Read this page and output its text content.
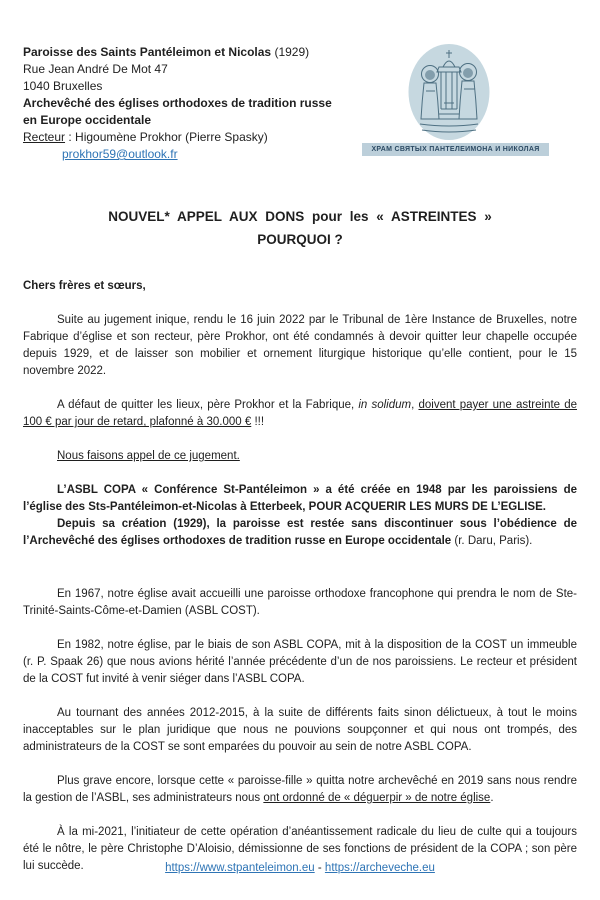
Paroisse des Saints Pantéleimon et Nicolas (1929)
Rue Jean André De Mot 47
1040 Bruxelles
Archevêché des églises orthodoxes de tradition russe
en Europe occidentale
Recteur : Higoumène Prokhor (Pierre Spasky)
prokhor59@outlook.fr	ХРАМ СВЯТЫХ ПАНТЕЛЕИМОНА И НИКОЛАЯ
NOUVEL* APPEL AUX DONS pour les « ASTREINTES »
POURQUOI ?

Chers frères et sœurs,

Suite au jugement inique, rendu le 16 juin 2022 par le Tribunal de 1ère Instance de Bruxelles, notre Fabrique d’église et son recteur, père Prokhor, ont été condamnés à devoir quitter leur chapelle occupée depuis 1929, et de laisser son mobilier et ornement liturgique historique qu’elle contient, pour le 15 novembre 2022.

A défaut de quitter les lieux, père Prokhor et la Fabrique, in solidum, doivent payer une astreinte de 100 € par jour de retard, plafonné à 30.000 € !!!

Nous faisons appel de ce jugement.

L’ASBL COPA « Conférence St-Pantéleimon » a été créée en 1948 par les paroissiens de l’église des Sts-Pantéleimon-et-Nicolas à Etterbeek, POUR ACQUERIR LES MURS DE L’EGLISE.

Depuis sa création (1929), la paroisse est restée sans discontinuer sous l’obédience de l’Archevêché des églises orthodoxes de tradition russe en Europe occidentale (r. Daru, Paris).

En 1967, notre église avait accueilli une paroisse orthodoxe francophone qui prendra le nom de Ste-Trinité-Saints-Côme-et-Damien (ASBL COST).

En 1982, notre église, par le biais de son ASBL COPA, mit à la disposition de la COST un immeuble (r. P. Spaak 26) que nous avions hérité l’année précédente d’un de nos paroissiens. Le recteur et président de la COST fut invité à venir siéger dans l’ASBL COPA.

Au tournant des années 2012-2015, à la suite de différents faits sinon délictueux, à tout le moins inacceptables sur le plan juridique que nous ne pouvions soupçonner et qui nous ont trompés, des administrateurs de la COST se sont emparées du pouvoir au sein de notre ASBL COPA.

Plus grave encore, lorsque cette « paroisse-fille » quitta notre archevêché en 2019 sans nous rendre la gestion de l’ASBL, ses administrateurs nous ont ordonné de « déguerpir » de notre église.

À la mi-2021, l’initiateur de cette opération d’anéantissement radicale du lieu de culte qui a toujours été le nôtre, le père Christophe D’Aloisio, démissionne de ses fonctions de président de la COPA ; son père lui succède.	https://www.stpanteleimon.eu - https://archeveche.eu
